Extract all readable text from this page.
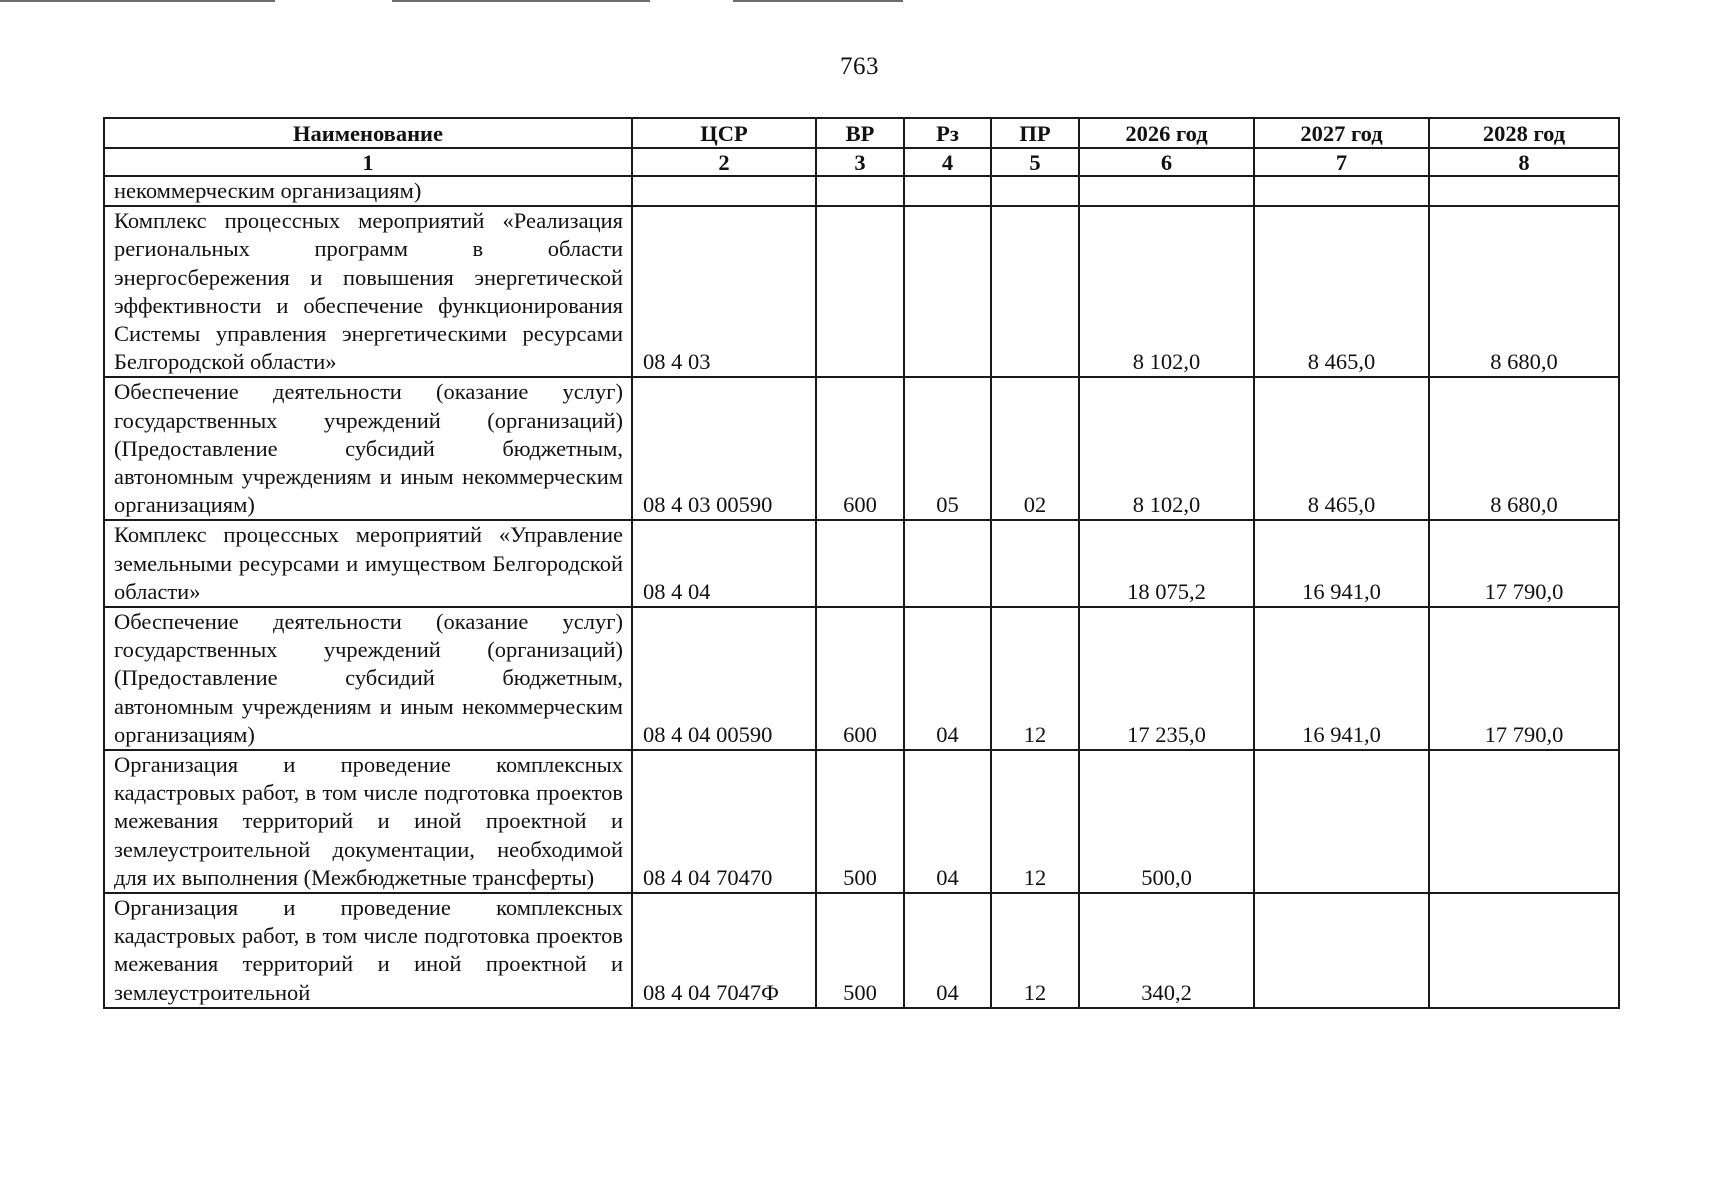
763
Наименование	ЦСР	ВР	Рз	ПР	2026 год	2027 год	2028 год
1	2	3	4	5	6	7	8
некоммерческим организациям)							
Комплекс процессных мероприятий «Реализация региональных программ в области энергосбережения и повышения энергетической эффективности и обеспечение функционирования Системы управления энергетическими ресурсами Белгородской области»	08 4 03				8 102,0	8 465,0	8 680,0
Обеспечение деятельности (оказание услуг) государственных учреждений (организаций) (Предоставление субсидий бюджетным, автономным учреждениям и иным некоммерческим организациям)	08 4 03 00590	600	05	02	8 102,0	8 465,0	8 680,0
Комплекс процессных мероприятий «Управление земельными ресурсами и имуществом Белгородской области»	08 4 04				18 075,2	16 941,0	17 790,0
Обеспечение деятельности (оказание услуг) государственных учреждений (организаций) (Предоставление субсидий бюджетным, автономным учреждениям и иным некоммерческим организациям)	08 4 04 00590	600	04	12	17 235,0	16 941,0	17 790,0
Организация и проведение комплексных кадастровых работ, в том числе подготовка проектов межевания территорий и иной проектной и землеустроительной документации, необходимой для их выполнения (Межбюджетные трансферты)	08 4 04 70470	500	04	12	500,0		
Организация и проведение комплексных кадастровых работ, в том числе подготовка проектов межевания территорий и иной проектной и землеустроительной	08 4 04 7047Ф	500	04	12	340,2		
